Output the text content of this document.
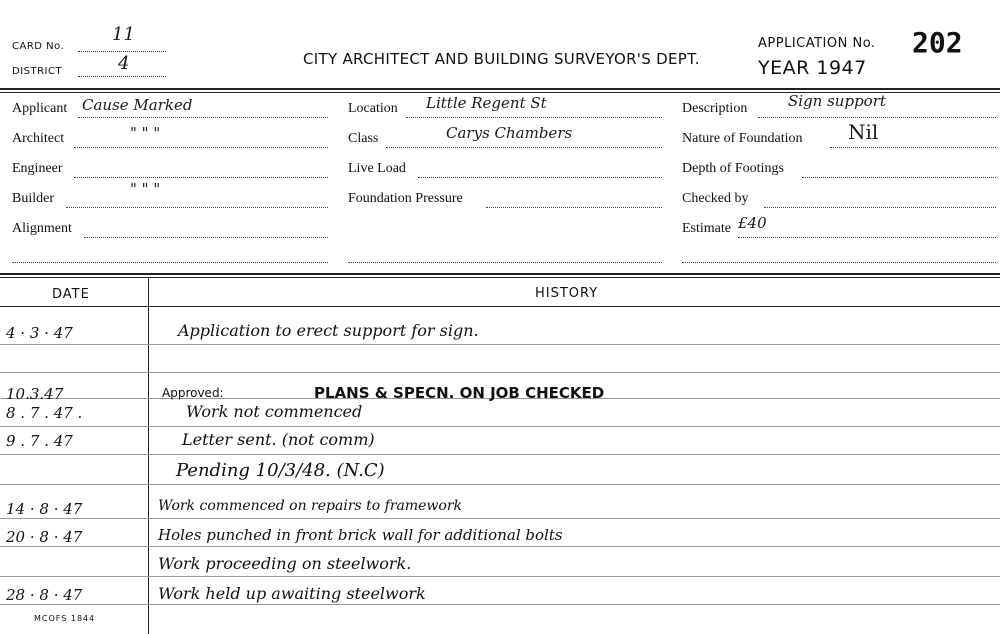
CARD No.
11
DISTRICT	4	CITY ARCHITECT AND BUILDING SURVEYOR'S DEPT.
APPLICATION No. 202
YEAR 1947
Applicant Cause Marked
Architect	" " "
Engineer
Builder
" " "
Alignment
Location Little Regent St
Class	Carys Chambers
Live Load
Foundation Pressure
Description	Sign support
Nature of Foundation Nil
Depth of Footings
Checked by
Estimate £40
DATE	HISTORY
4 · 3 · 47	Application to erect support for sign.
10.3.47	Approved:	PLANS & SPECN. ON JOB CHECKED
8 . 7 . 47 .	Work not commenced
9 . 7 . 47	Letter sent. (not comm)
Pending 10/3/48. (N.C)
14 · 8 · 47	Work commenced on repairs to framework
20 · 8 · 47	Holes punched in front brick wall for additional bolts
Work proceeding on steelwork.
28 · 8 · 47	Work held up awaiting steelwork
MCOFS 1844
